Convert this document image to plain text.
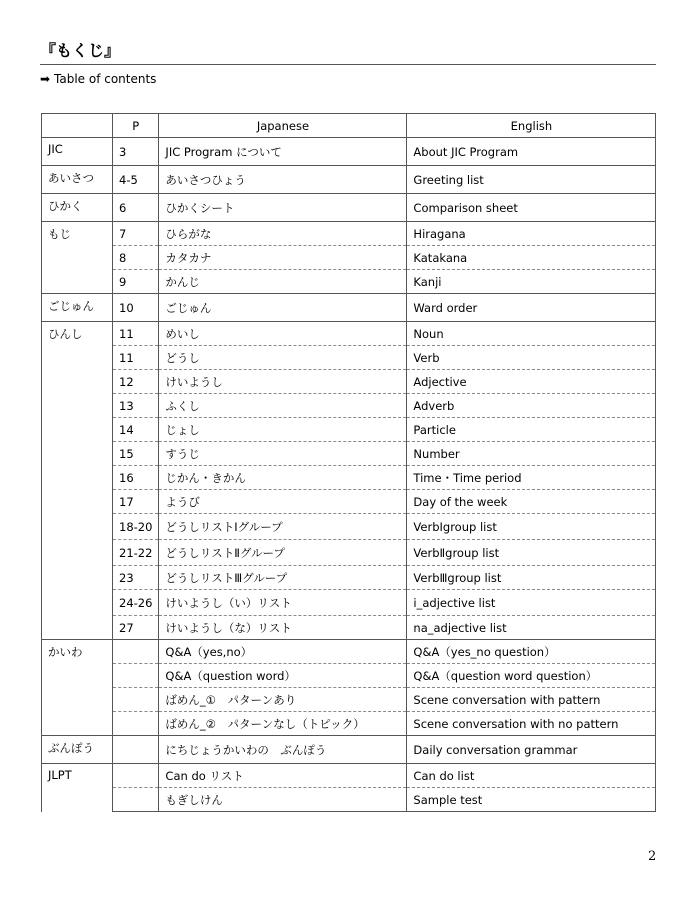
『もくじ』
➡ Table of contents
	P	Japanese	English
JIC	3	JIC Program について	About JIC Program
あいさつ	4-5	あいさつひょう	Greeting list
ひかく	6	ひかくシート	Comparison sheet
もじ	7	ひらがな	Hiragana
	8	カタカナ	Katakana
	9	かんじ	Kanji
ごじゅん	10	ごじゅん	Ward order
ひんし	11	めいし	Noun
	11	どうし	Verb
	12	けいようし	Adjective
	13	ふくし	Adverb
	14	じょし	Particle
	15	すうじ	Number
	16	じかん・きかん	Time・Time period
	17	ようび	Day of the week
	18-20	どうしリストⅠグループ	VerbⅠgroup list
	21-22	どうしリストⅡグループ	VerbⅡgroup list
	23	どうしリストⅢグループ	VerbⅢgroup list
	24-26	けいようし（い）リスト	i_adjective list
	27	けいようし（な）リスト	na_adjective list
かいわ		Q&A（yes,no）	Q&A（yes_no question）
		Q&A（question word）	Q&A（question word question）
		ばめん_①　パターンあり	Scene conversation with pattern
		ばめん_②　パターンなし（トピック）	Scene conversation with no pattern
ぶんぽう		にちじょうかいわの　ぶんぽう	Daily conversation grammar
JLPT		Can do リスト	Can do list
		もぎしけん	Sample test
2
